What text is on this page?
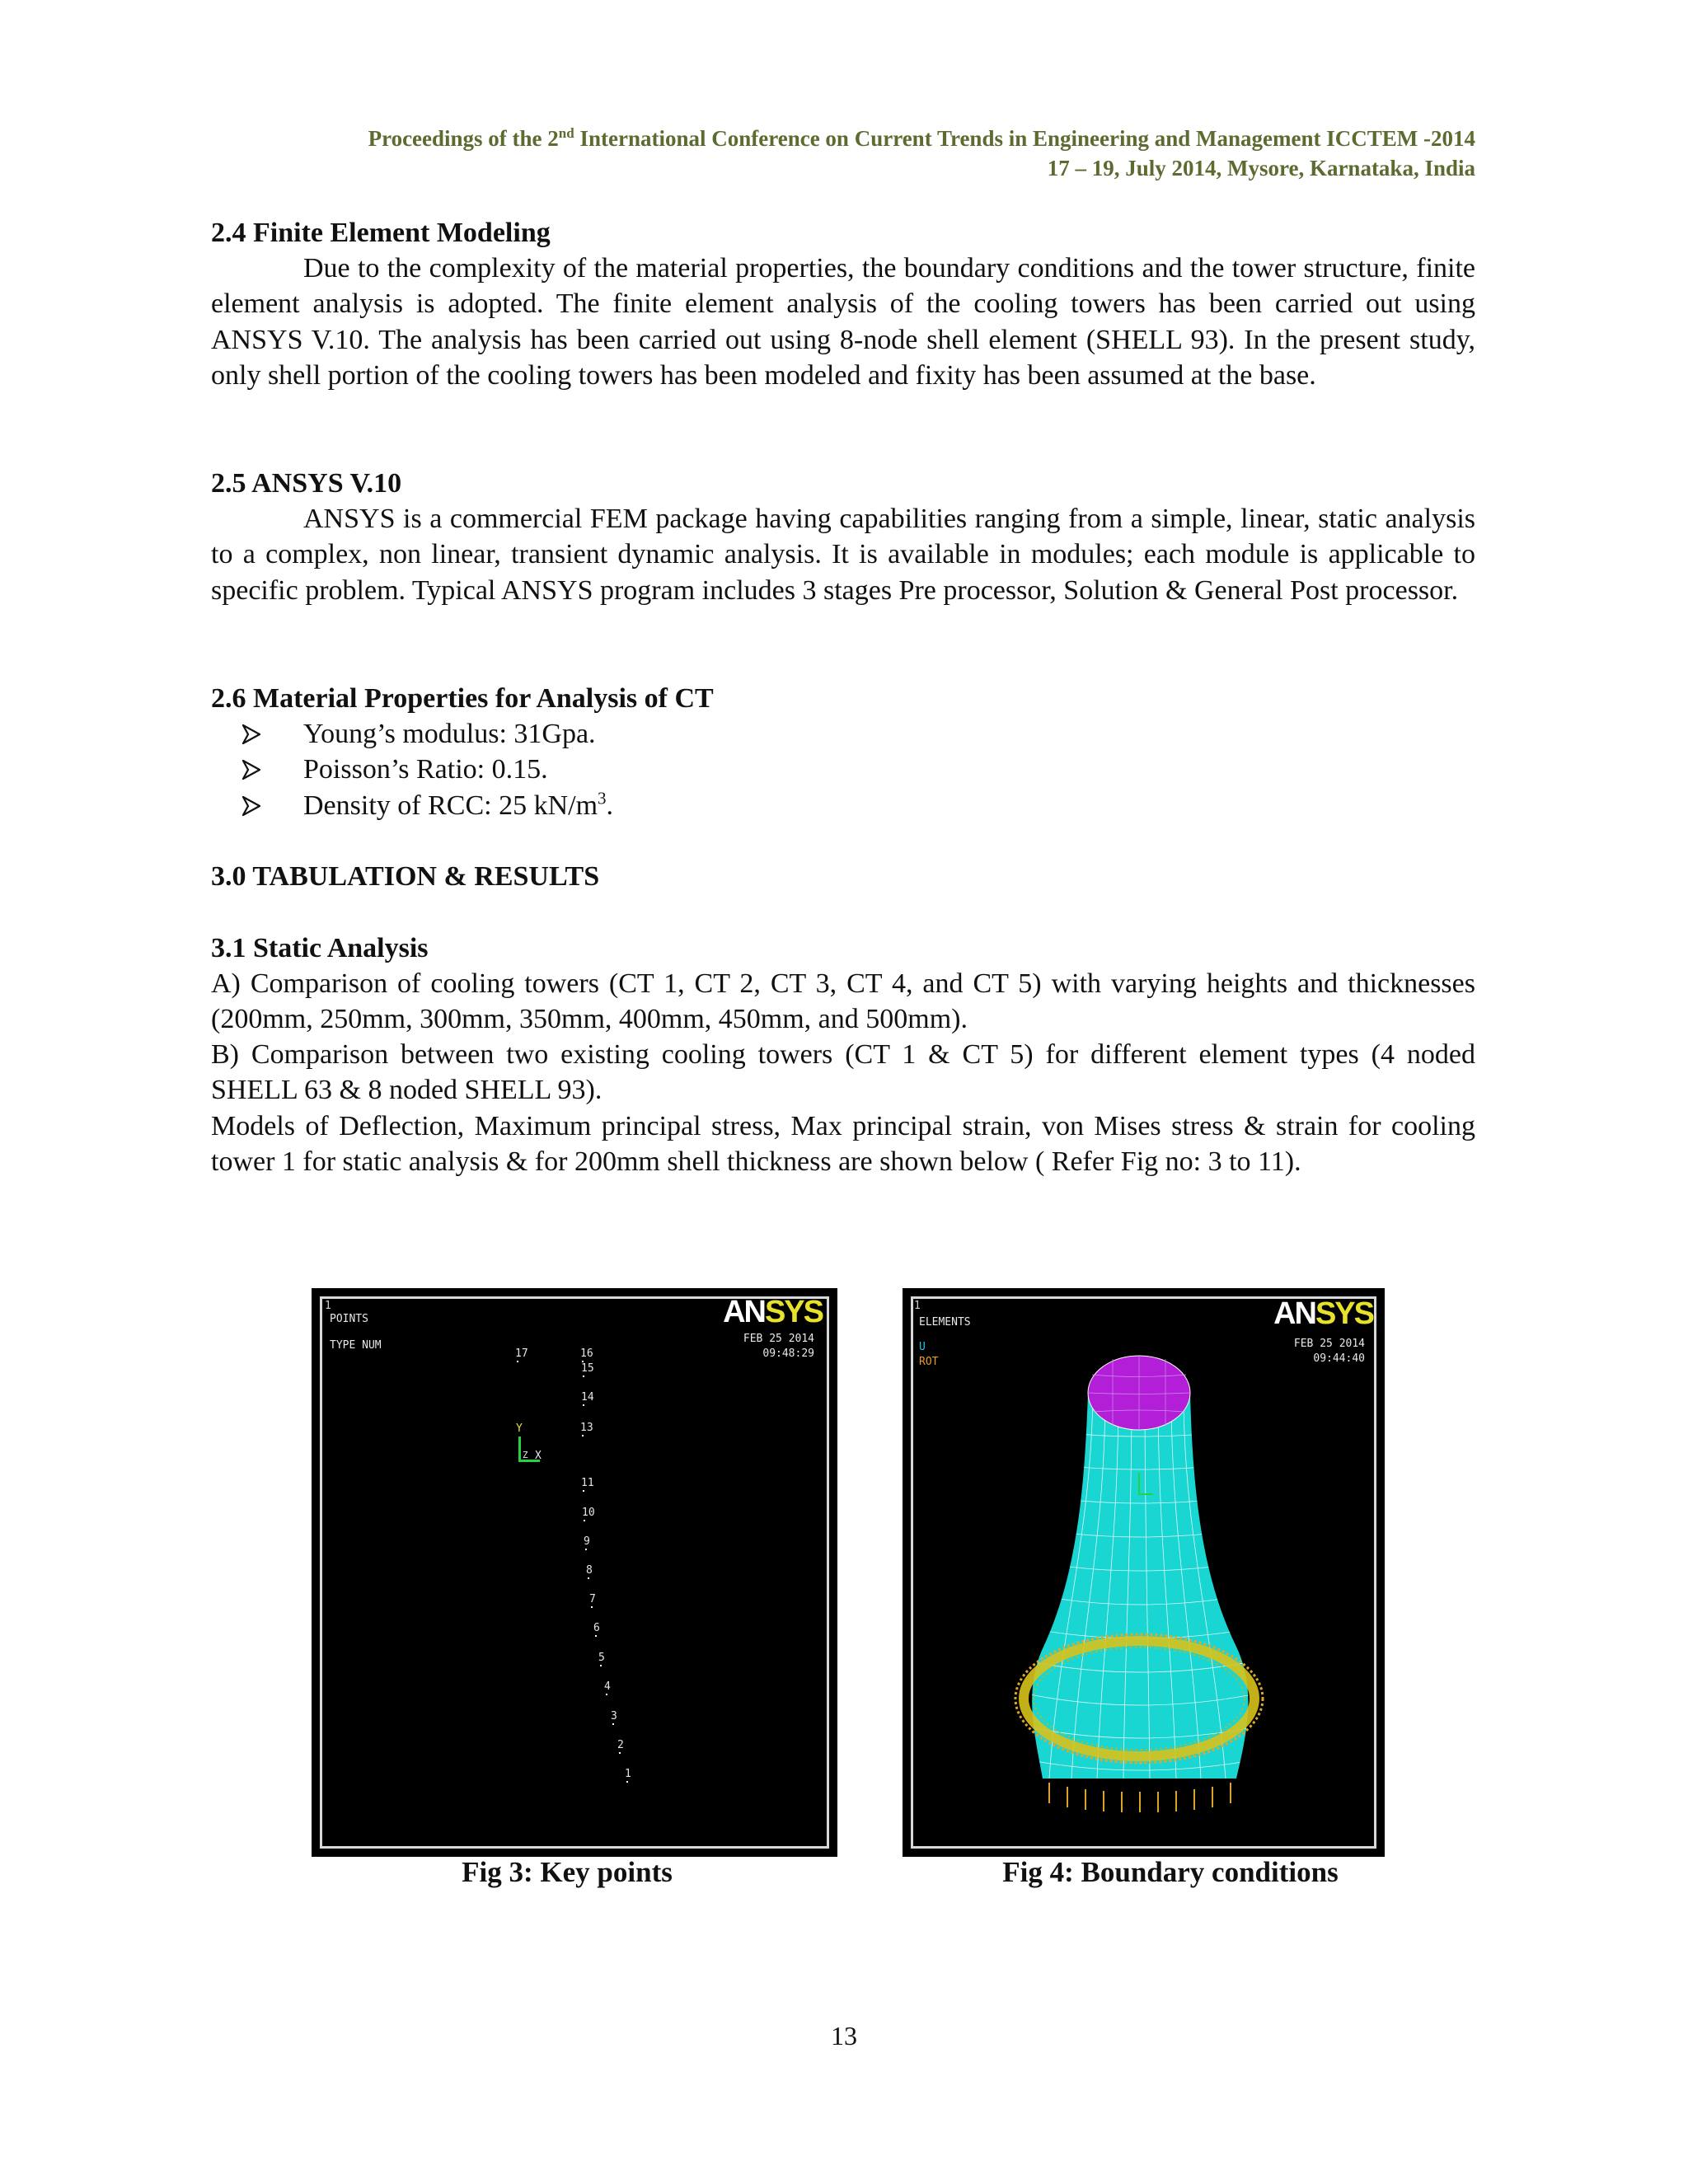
Proceedings of the 2nd International Conference on Current Trends in Engineering and Management ICCTEM -2014
17 – 19, July 2014, Mysore, Karnataka, India
2.4 Finite Element Modeling
Due to the complexity of the material properties, the boundary conditions and the tower structure, finite element analysis is adopted. The finite element analysis of the cooling towers has been carried out using ANSYS V.10. The analysis has been carried out using 8-node shell element (SHELL 93). In the present study, only shell portion of the cooling towers has been modeled and fixity has been assumed at the base.
2.5 ANSYS V.10
ANSYS is a commercial FEM package having capabilities ranging from a simple, linear, static analysis to a complex, non linear, transient dynamic analysis. It is available in modules; each module is applicable to specific problem. Typical ANSYS program includes 3 stages Pre processor, Solution & General Post processor.
2.6 Material Properties for Analysis of CT
Young’s modulus: 31Gpa.
Poisson’s Ratio: 0.15.
Density of RCC: 25 $kN/m^3$.
3.0 TABULATION & RESULTS
3.1 Static Analysis
A) Comparison of cooling towers (CT 1, CT 2, CT 3, CT 4, and CT 5) with varying heights and thicknesses (200mm, 250mm, 300mm, 350mm, 400mm, 450mm, and 500mm).
B) Comparison between two existing cooling towers (CT 1 & CT 5) for different element types (4 noded SHELL 63 & 8 noded SHELL 93).
Models of Deflection, Maximum principal stress, Max principal strain, von Mises stress & strain for cooling tower 1 for static analysis & for 200mm shell thickness are shown below ( Refer Fig no: 3 to 11).
1
POINTS
TYPE NUM
ANSYS
FEB 25 2014
09:48:29
Y
Z X
17	16
15
14
13
11
10
9
8
7
6
5
4
3
2
1
Fig 3: Key points
1
ELEMENTS
U
ROT
ANSYS
FEB 25 2014
09:44:40
Fig 4: Boundary conditions
13
